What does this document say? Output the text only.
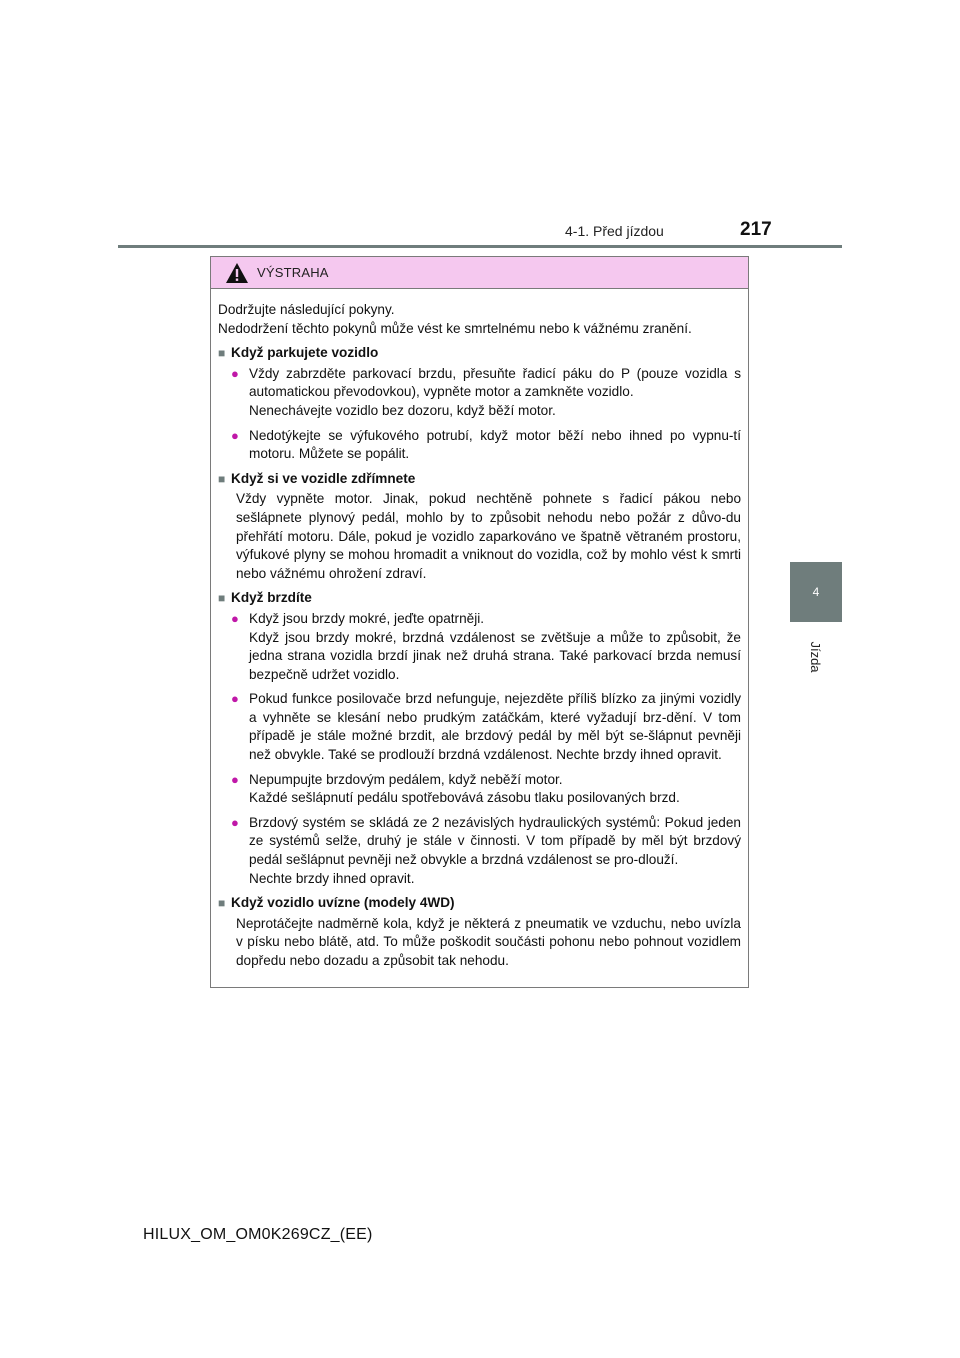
4-1. Před jízdou	217
4
Jízda
VÝSTRAHA
Dodržujte následující pokyny.
Nedodržení těchto pokynů může vést ke smrtelnému nebo k vážnému zranění.
■ Když parkujete vozidlo
● Vždy zabrzděte parkovací brzdu, přesuňte řadicí páku do P (pouze vozidla s automatickou převodovkou), vypněte motor a zamkněte vozidlo.
Nenechávejte vozidlo bez dozoru, když běží motor.
● Nedotýkejte se výfukového potrubí, když motor běží nebo ihned po vypnu-tí motoru. Můžete se popálit.
■ Když si ve vozidle zdřímnete
Vždy vypněte motor. Jinak, pokud nechtěně pohnete s řadicí pákou nebo sešlápnete plynový pedál, mohlo by to způsobit nehodu nebo požár z důvo-du přehřátí motoru. Dále, pokud je vozidlo zaparkováno ve špatně větraném prostoru, výfukové plyny se mohou hromadit a vniknout do vozidla, což by mohlo vést k smrti nebo vážnému ohrožení zdraví.
■ Když brzdíte
● Když jsou brzdy mokré, jeďte opatrněji.
Když jsou brzdy mokré, brzdná vzdálenost se zvětšuje a může to způsobit, že jedna strana vozidla brzdí jinak než druhá strana. Také parkovací brzda nemusí bezpečně udržet vozidlo.
● Pokud funkce posilovače brzd nefunguje, nejezděte příliš blízko za jinými vozidly a vyhněte se klesání nebo prudkým zatáčkám, které vyžadují brz-dění. V tom případě je stále možné brzdit, ale brzdový pedál by měl být se-šlápnut pevněji než obvykle. Také se prodlouží brzdná vzdálenost. Nechte brzdy ihned opravit.
● Nepumpujte brzdovým pedálem, když neběží motor.
Každé sešlápnutí pedálu spotřebovává zásobu tlaku posilovaných brzd.
● Brzdový systém se skládá ze 2 nezávislých hydraulických systémů: Pokud jeden ze systémů selže, druhý je stále v činnosti. V tom případě by měl být brzdový pedál sešlápnut pevněji než obvykle a brzdná vzdálenost se pro-dlouží.
Nechte brzdy ihned opravit.
■ Když vozidlo uvízne (modely 4WD)
Neprotáčejte nadměrně kola, když je některá z pneumatik ve vzduchu, nebo uvízla v písku nebo blátě, atd. To může poškodit součásti pohonu nebo pohnout vozidlem dopředu nebo dozadu a způsobit tak nehodu.
HILUX_OM_OM0K269CZ_(EE)
